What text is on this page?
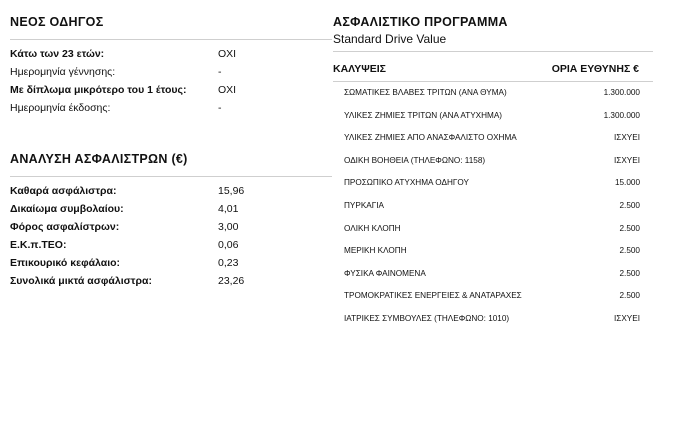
ΝΕΟΣ ΟΔΗΓΟΣ
Κάτω των 23 ετών:	ΟΧΙ
Ημερομηνία γέννησης:	-
Με δίπλωμα μικρότερο του 1 έτους:	ΟΧΙ
Ημερομηνία έκδοσης:	-
ΑΝΑΛΥΣΗ ΑΣΦΑΛΙΣΤΡΩΝ (€)
Καθαρά ασφάλιστρα:	15,96
Δικαίωμα συμβολαίου:	4,01
Φόρος ασφαλίστρων:	3,00
Ε.Κ.π.ΤΕΟ:	0,06
Επικουρικό κεφάλαιο:	0,23
Συνολικά μικτά ασφάλιστρα:	23,26
ΑΣΦΑΛΙΣΤΙΚΟ ΠΡΟΓΡΑΜΜΑ
Standard Drive Value
ΚΑΛΥΨΕΙΣ	ΟΡΙΑ ΕΥΘΥΝΗΣ €
ΣΩΜΑΤΙΚΕΣ ΒΛΑΒΕΣ ΤΡΙΤΩΝ (ΑΝΑ ΘΥΜΑ)	1.300.000
ΥΛΙΚΕΣ ΖΗΜΙΕΣ ΤΡΙΤΩΝ (ΑΝΑ ΑΤΥΧΗΜΑ)	1.300.000
ΥΛΙΚΕΣ ΖΗΜΙΕΣ ΑΠΟ ΑΝΑΣΦΑΛΙΣΤΟ ΟΧΗΜΑ	ΙΣΧΥΕΙ
ΟΔΙΚΗ ΒΟΗΘΕΙΑ (ΤΗΛΕΦΩΝΟ: 1158)	ΙΣΧΥΕΙ
ΠΡΟΣΩΠΙΚΟ ΑΤΥΧΗΜΑ ΟΔΗΓΟΥ	15.000
ΠΥΡΚΑΓΙΑ	2.500
ΟΛΙΚΗ ΚΛΟΠΗ	2.500
ΜΕΡΙΚΗ ΚΛΟΠΗ	2.500
ΦΥΣΙΚΑ ΦΑΙΝΟΜΕΝΑ	2.500
ΤΡΟΜΟΚΡΑΤΙΚΕΣ ΕΝΕΡΓΕΙΕΣ & ΑΝΑΤΑΡΑΧΕΣ	2.500
ΙΑΤΡΙΚΕΣ ΣΥΜΒΟΥΛΕΣ (ΤΗΛΕΦΩΝΟ: 1010)	ΙΣΧΥΕΙ
